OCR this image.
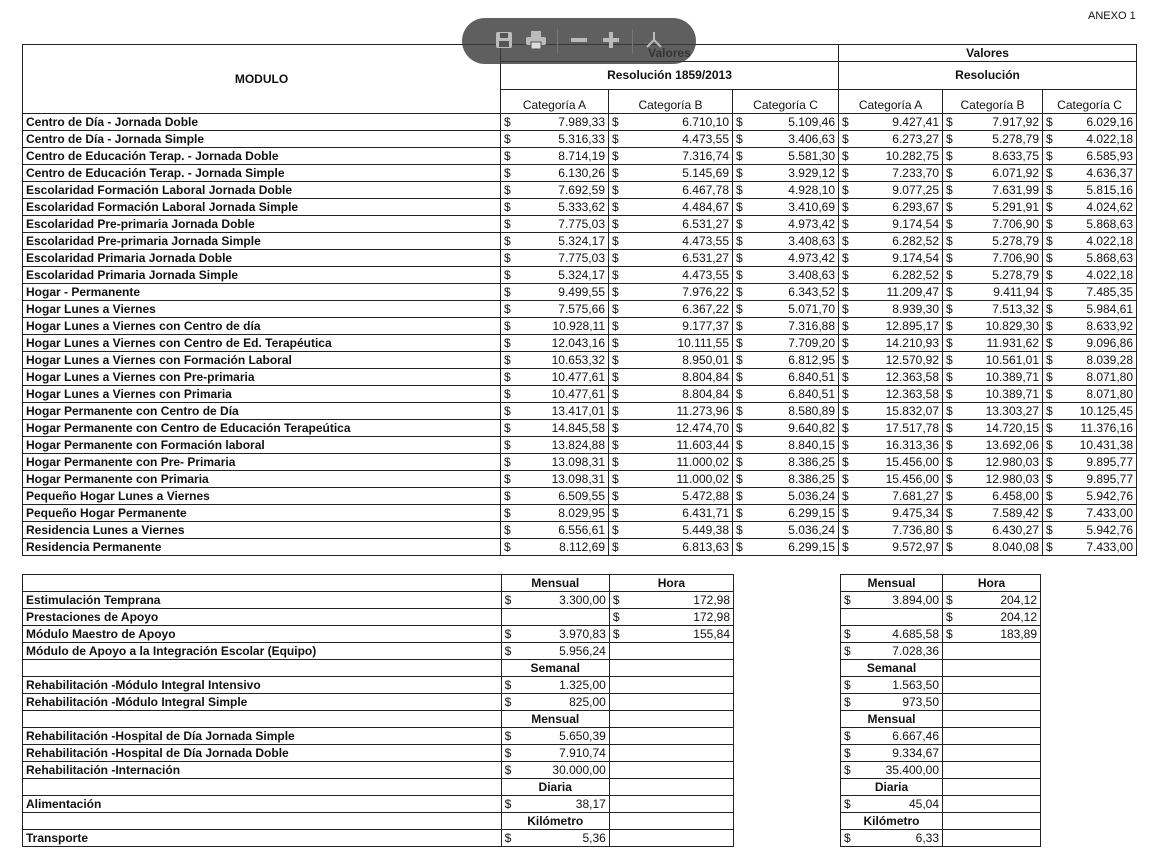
ANEXO 1
MODULO							Valores					
	Resolución 1859/2013						Resolución					
	Categoría A		Categoría B		Categoría C		Categoría A		Categoría B		Categoría C	
Centro de Día - Jornada Doble	$	7.989,33	$	6.710,10	$	5.109,46	$	9.427,41	$	7.917,92	$	6.029,16
Centro de Día - Jornada Simple	$	5.316,33	$	4.473,55	$	3.406,63	$	6.273,27	$	5.278,79	$	4.022,18
Centro de Educación Terap. - Jornada Doble	$	8.714,19	$	7.316,74	$	5.581,30	$	10.282,75	$	8.633,75	$	6.585,93
Centro de Educación Terap. - Jornada Simple	$	6.130,26	$	5.145,69	$	3.929,12	$	7.233,70	$	6.071,92	$	4.636,37
Escolaridad Formación Laboral Jornada Doble	$	7.692,59	$	6.467,78	$	4.928,10	$	9.077,25	$	7.631,99	$	5.815,16
Escolaridad Formación Laboral Jornada Simple	$	5.333,62	$	4.484,67	$	3.410,69	$	6.293,67	$	5.291,91	$	4.024,62
Escolaridad Pre-primaria Jornada Doble	$	7.775,03	$	6.531,27	$	4.973,42	$	9.174,54	$	7.706,90	$	5.868,63
Escolaridad Pre-primaria Jornada Simple	$	5.324,17	$	4.473,55	$	3.408,63	$	6.282,52	$	5.278,79	$	4.022,18
Escolaridad Primaria Jornada Doble	$	7.775,03	$	6.531,27	$	4.973,42	$	9.174,54	$	7.706,90	$	5.868,63
Escolaridad Primaria Jornada Simple	$	5.324,17	$	4.473,55	$	3.408,63	$	6.282,52	$	5.278,79	$	4.022,18
Hogar - Permanente	$	9.499,55	$	7.976,22	$	6.343,52	$	11.209,47	$	9.411,94	$	7.485,35
Hogar Lunes a Viernes	$	7.575,66	$	6.367,22	$	5.071,70	$	8.939,30	$	7.513,32	$	5.984,61
Hogar Lunes a Viernes con Centro de día	$	10.928,11	$	9.177,37	$	7.316,88	$	12.895,17	$	10.829,30	$	8.633,92
Hogar Lunes a Viernes con Centro de Ed. Terapéutica	$	12.043,16	$	10.111,55	$	7.709,20	$	14.210,93	$	11.931,62	$	9.096,86
Hogar Lunes a Viernes con Formación Laboral	$	10.653,32	$	8.950,01	$	6.812,95	$	12.570,92	$	10.561,01	$	8.039,28
Hogar Lunes a Viernes con Pre-primaria	$	10.477,61	$	8.804,84	$	6.840,51	$	12.363,58	$	10.389,71	$	8.071,80
Hogar Lunes a Viernes con Primaria	$	10.477,61	$	8.804,84	$	6.840,51	$	12.363,58	$	10.389,71	$	8.071,80
Hogar Permanente con Centro de Día	$	13.417,01	$	11.273,96	$	8.580,89	$	15.832,07	$	13.303,27	$	10.125,45
Hogar Permanente con Centro de Educación Terapeútica	$	14.845,58	$	12.474,70	$	9.640,82	$	17.517,78	$	14.720,15	$	11.376,16
Hogar Permanente con Formación laboral	$	13.824,88	$	11.603,44	$	8.840,15	$	16.313,36	$	13.692,06	$	10.431,38
Hogar Permanente con Pre- Primaria	$	13.098,31	$	11.000,02	$	8.386,25	$	15.456,00	$	12.980,03	$	9.895,77
Hogar Permanente con Primaria	$	13.098,31	$	11.000,02	$	8.386,25	$	15.456,00	$	12.980,03	$	9.895,77
Pequeño Hogar Lunes a Viernes	$	6.509,55	$	5.472,88	$	5.036,24	$	7.681,27	$	6.458,00	$	5.942,76
Pequeño Hogar Permanente	$	8.029,95	$	6.431,71	$	6.299,15	$	9.475,34	$	7.589,42	$	7.433,00
Residencia Lunes a Viernes	$	6.556,61	$	5.449,38	$	5.036,24	$	7.736,80	$	6.430,27	$	5.942,76
Residencia Permanente	$	8.112,69	$	6.813,63	$	6.299,15	$	9.572,97	$	8.040,08	$	7.433,00
	Mensual		Hora	
Estimulación Temprana	$	3.300,00	$	172,98
Prestaciones de Apoyo			$	172,98
Módulo Maestro de Apoyo	$	3.970,83	$	155,84
Módulo de Apoyo a la Integración Escolar (Equipo)	$	5.956,24		
	Semanal			
Rehabilitación -Módulo Integral Intensivo	$	1.325,00		
Rehabilitación -Módulo Integral Simple	$	825,00		
	Mensual			
Rehabilitación -Hospital de Día Jornada Simple	$	5.650,39		
Rehabilitación -Hospital de Día Jornada Doble	$	7.910,74		
Rehabilitación -Internación	$	30.000,00		
	Diaria			
Alimentación	$	38,17		
	Kilómetro			
Transporte	$	5,36		
Mensual		Hora	
$	3.894,00	$	204,12
		$	204,12
$	4.685,58	$	183,89
$	7.028,36		
Semanal			
$	1.563,50		
$	973,50		
Mensual			
$	6.667,46		
$	9.334,67		
$	35.400,00		
Diaria			
$	45,04		
Kilómetro			
$	6,33		
